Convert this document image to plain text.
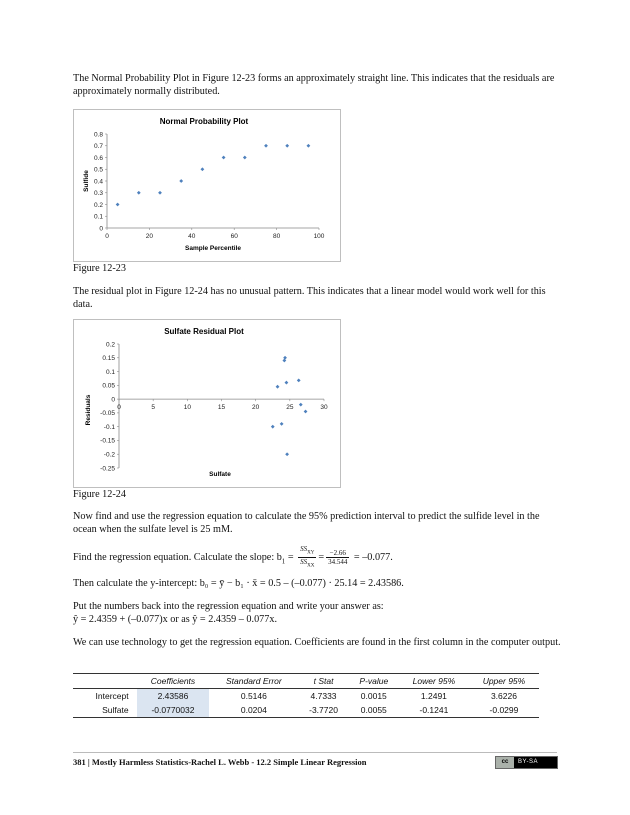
The Normal Probability Plot in Figure 12-23 forms an approximately straight line. This indicates that the residuals are approximately normally distributed.
Normal Probability Plot
0
0.1
0.2
0.3
0.4
0.5
0.6
0.7
0.8
0	20	40	60	80	100
Sample Percentile
Sulfide
Figure 12-23
The residual plot in Figure 12-24 has no unusual pattern. This indicates that a linear model would work well for this data.
Sulfate Residual Plot
0.2
0.15
0.1
0.05
0
-0.05
-0.1
-0.15
-0.2
-0.25
0	5	10	15	20	25	30
Sulfate
Residuals
Figure 12-24
Now find and use the regression equation to calculate the 95% prediction interval to predict the sulfide level in the ocean when the sulfate level is 25 mM.
Find the regression equation. Calculate the slope: $b_1 = \frac{SS_{XY}}{SS_{XX}} = \frac{-2.66}{34.544} = -0.077$.
Then calculate the y-intercept: b₀ = ȳ − b₁ · x̄ = 0.5 – (–0.077) · 25.14 = 2.43586.
Put the numbers back into the regression equation and write your answer as:
ŷ = 2.4359 + (–0.077)x or as ŷ = 2.4359 – 0.077x.
We can use technology to get the regression equation. Coefficients are found in the first column in the computer output.
	Coefficients	Standard Error	t Stat	P-value	Lower 95%	Upper 95%
Intercept	2.43586	0.5146	4.7333	0.0015	1.2491	3.6226
Sulfate	-0.0770032	0.0204	-3.7720	0.0055	-0.1241	-0.0299
381 | Mostly Harmless Statistics-Rachel L. Webb - 12.2 Simple Linear Regression	cc BY-SA
